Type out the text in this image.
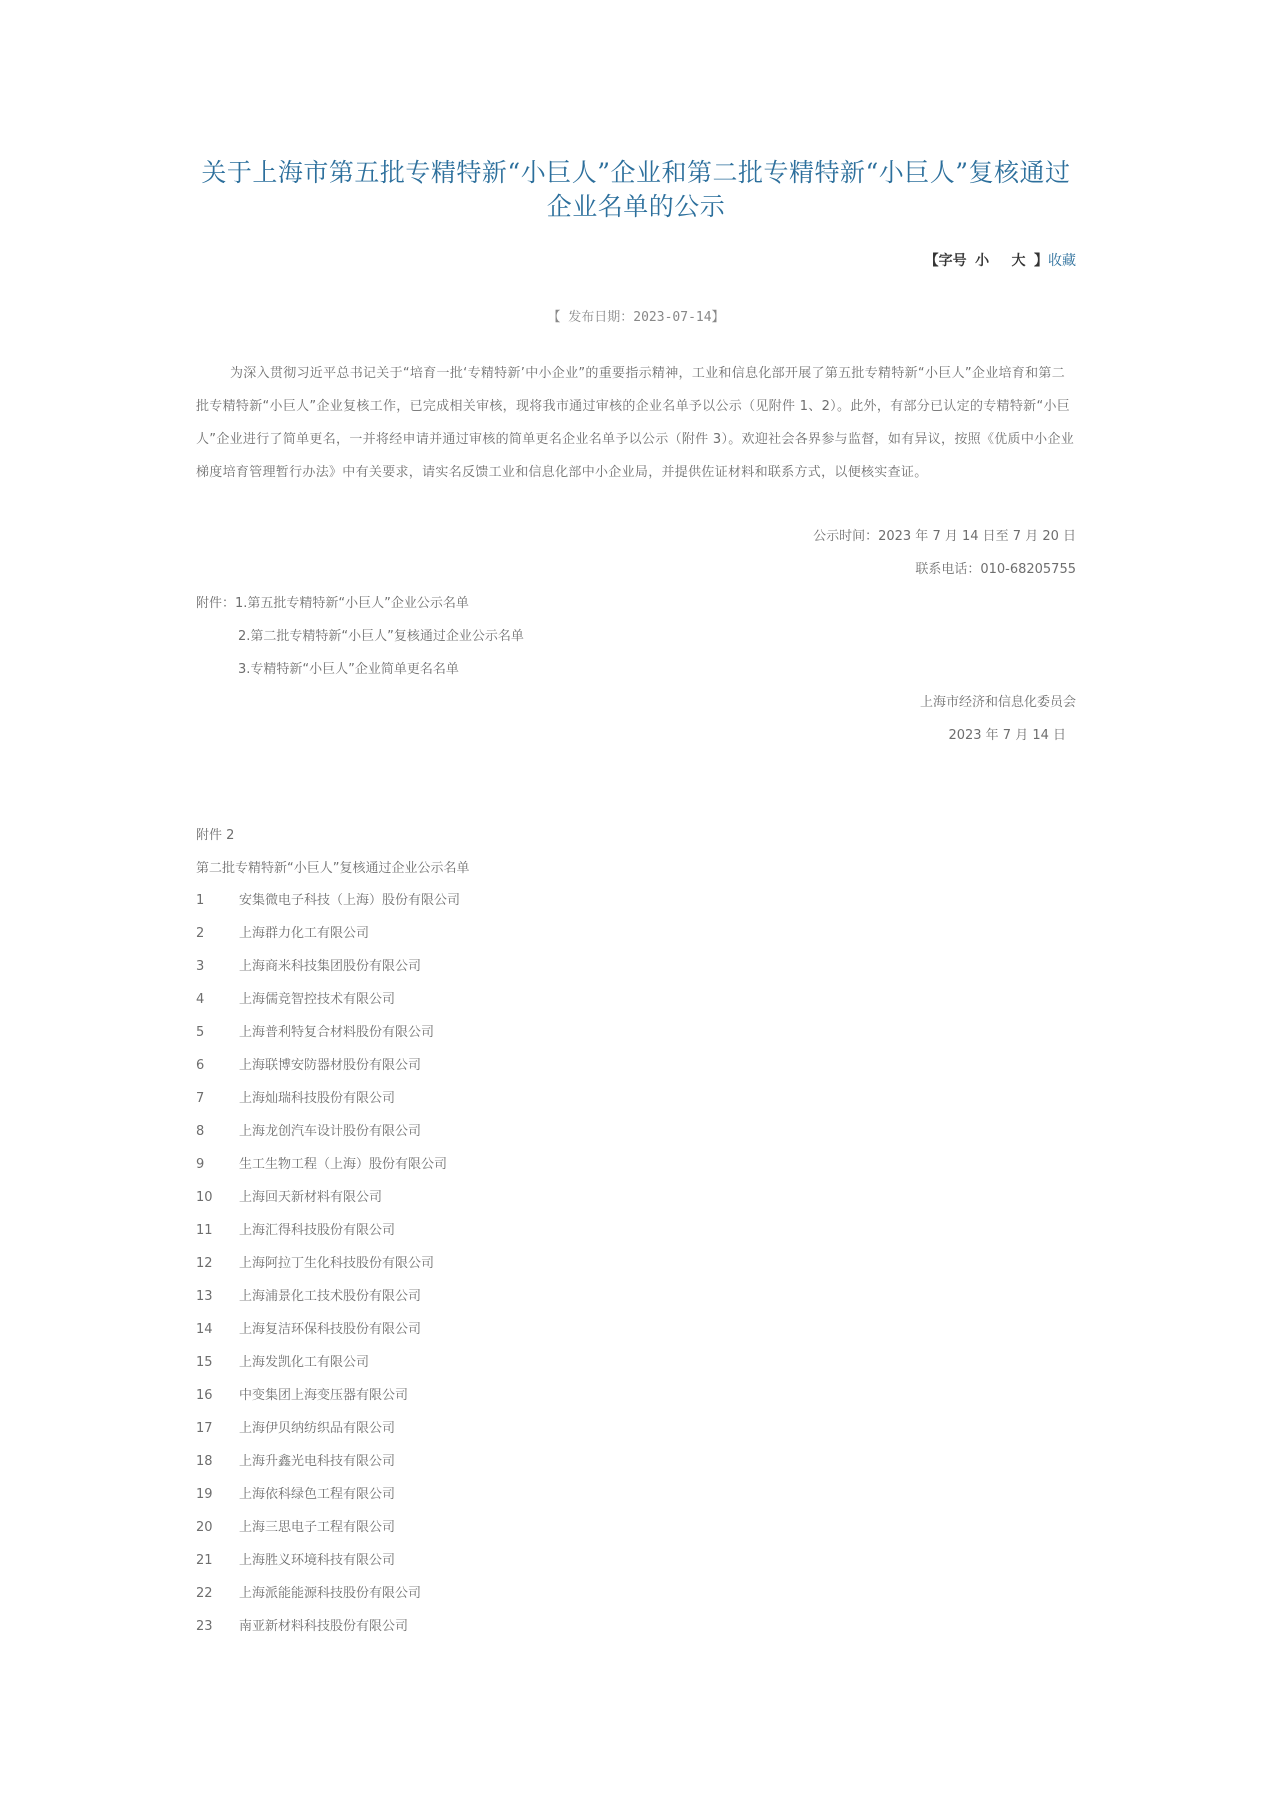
关于上海市第五批专精特新“小巨人”企业和第二批专精特新“小巨人”复核通过企业名单的公示
【字号 小 大 】收藏
【 发布日期：2023-07-14】
为深入贯彻习近平总书记关于“培育一批‘专精特新’中小企业”的重要指示精神，工业和信息化部开展了第五批专精特新“小巨人”企业培育和第二批专精特新“小巨人”企业复核工作，已完成相关审核，现将我市通过审核的企业名单予以公示（见附件 1、2）。此外，有部分已认定的专精特新“小巨人”企业进行了简单更名，一并将经申请并通过审核的简单更名企业名单予以公示（附件 3）。欢迎社会各界参与监督，如有异议，按照《优质中小企业梯度培育管理暂行办法》中有关要求，请实名反馈工业和信息化部中小企业局，并提供佐证材料和联系方式，以便核实查证。
公示时间：2023 年 7 月 14 日至 7 月 20 日
联系电话：010-68205755
附件：1.第五批专精特新“小巨人”企业公示名单
2.第二批专精特新“小巨人”复核通过企业公示名单
3.专精特新“小巨人”企业简单更名名单
上海市经济和信息化委员会
2023 年 7 月 14 日
附件 2
第二批专精特新“小巨人”复核通过企业公示名单
1	安集微电子科技（上海）股份有限公司
2	上海群力化工有限公司
3	上海商米科技集团股份有限公司
4	上海儒竞智控技术有限公司
5	上海普利特复合材料股份有限公司
6	上海联博安防器材股份有限公司
7	上海灿瑞科技股份有限公司
8	上海龙创汽车设计股份有限公司
9	生工生物工程（上海）股份有限公司
10 上海回天新材料有限公司
11 上海汇得科技股份有限公司
12 上海阿拉丁生化科技股份有限公司
13 上海浦景化工技术股份有限公司
14 上海复洁环保科技股份有限公司
15 上海发凯化工有限公司
16 中变集团上海变压器有限公司
17 上海伊贝纳纺织品有限公司
18 上海升鑫光电科技有限公司
19 上海依科绿色工程有限公司
20 上海三思电子工程有限公司
21 上海胜义环境科技有限公司
22 上海派能能源科技股份有限公司
23 南亚新材料科技股份有限公司
